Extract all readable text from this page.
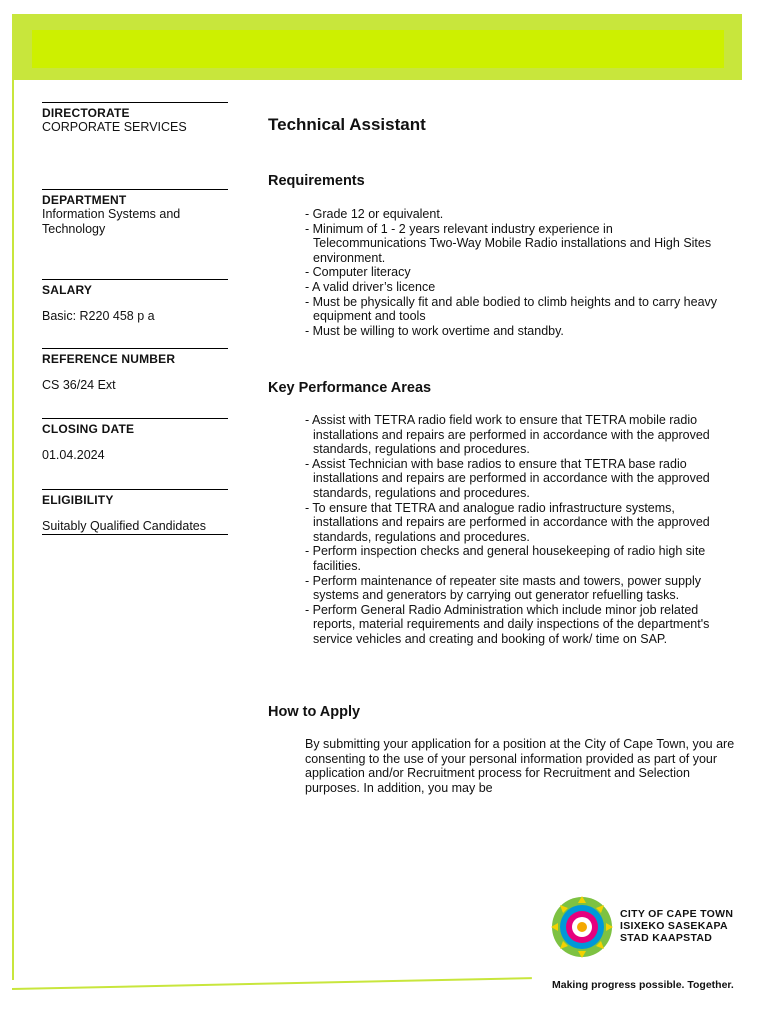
DIRECTORATE
CORPORATE SERVICES
DEPARTMENT
Information Systems and Technology
SALARY
Basic: R220 458 p a
REFERENCE NUMBER
CS 36/24 Ext
CLOSING DATE
01.04.2024
ELIGIBILITY
Suitably Qualified Candidates
Technical Assistant
Requirements
- Grade 12 or equivalent.
- Minimum of 1 - 2 years relevant industry experience in Telecommunications Two-Way Mobile Radio installations and High Sites environment.
- Computer literacy
- A valid driver’s licence
- Must be physically fit and able bodied to climb heights and to carry heavy equipment and tools
- Must be willing to work overtime and standby.
Key Performance Areas
- Assist with TETRA radio field work to ensure that TETRA mobile radio installations and repairs are performed in accordance with the approved standards, regulations and procedures.
- Assist Technician with base radios to ensure that TETRA base radio installations and repairs are performed in accordance with the approved standards, regulations and procedures.
- To ensure that TETRA and analogue radio infrastructure systems, installations and repairs are performed in accordance with the approved standards, regulations and procedures.
- Perform inspection checks and general housekeeping of radio high site facilities.
- Perform maintenance of repeater site masts and towers, power supply systems and generators by carrying out generator refuelling tasks.
- Perform General Radio Administration which include minor job related reports, material requirements and daily inspections of the department's service vehicles and creating and booking of work/ time on SAP.
How to Apply
By submitting your application for a position at the City of Cape Town, you are consenting to the use of your personal information provided as part of your application and/or Recruitment process for Recruitment and Selection purposes. In addition, you may be
CITY OF CAPE TOWN
ISIXEKO SASEKAPA
STAD KAAPSTAD
Making progress possible. Together.
